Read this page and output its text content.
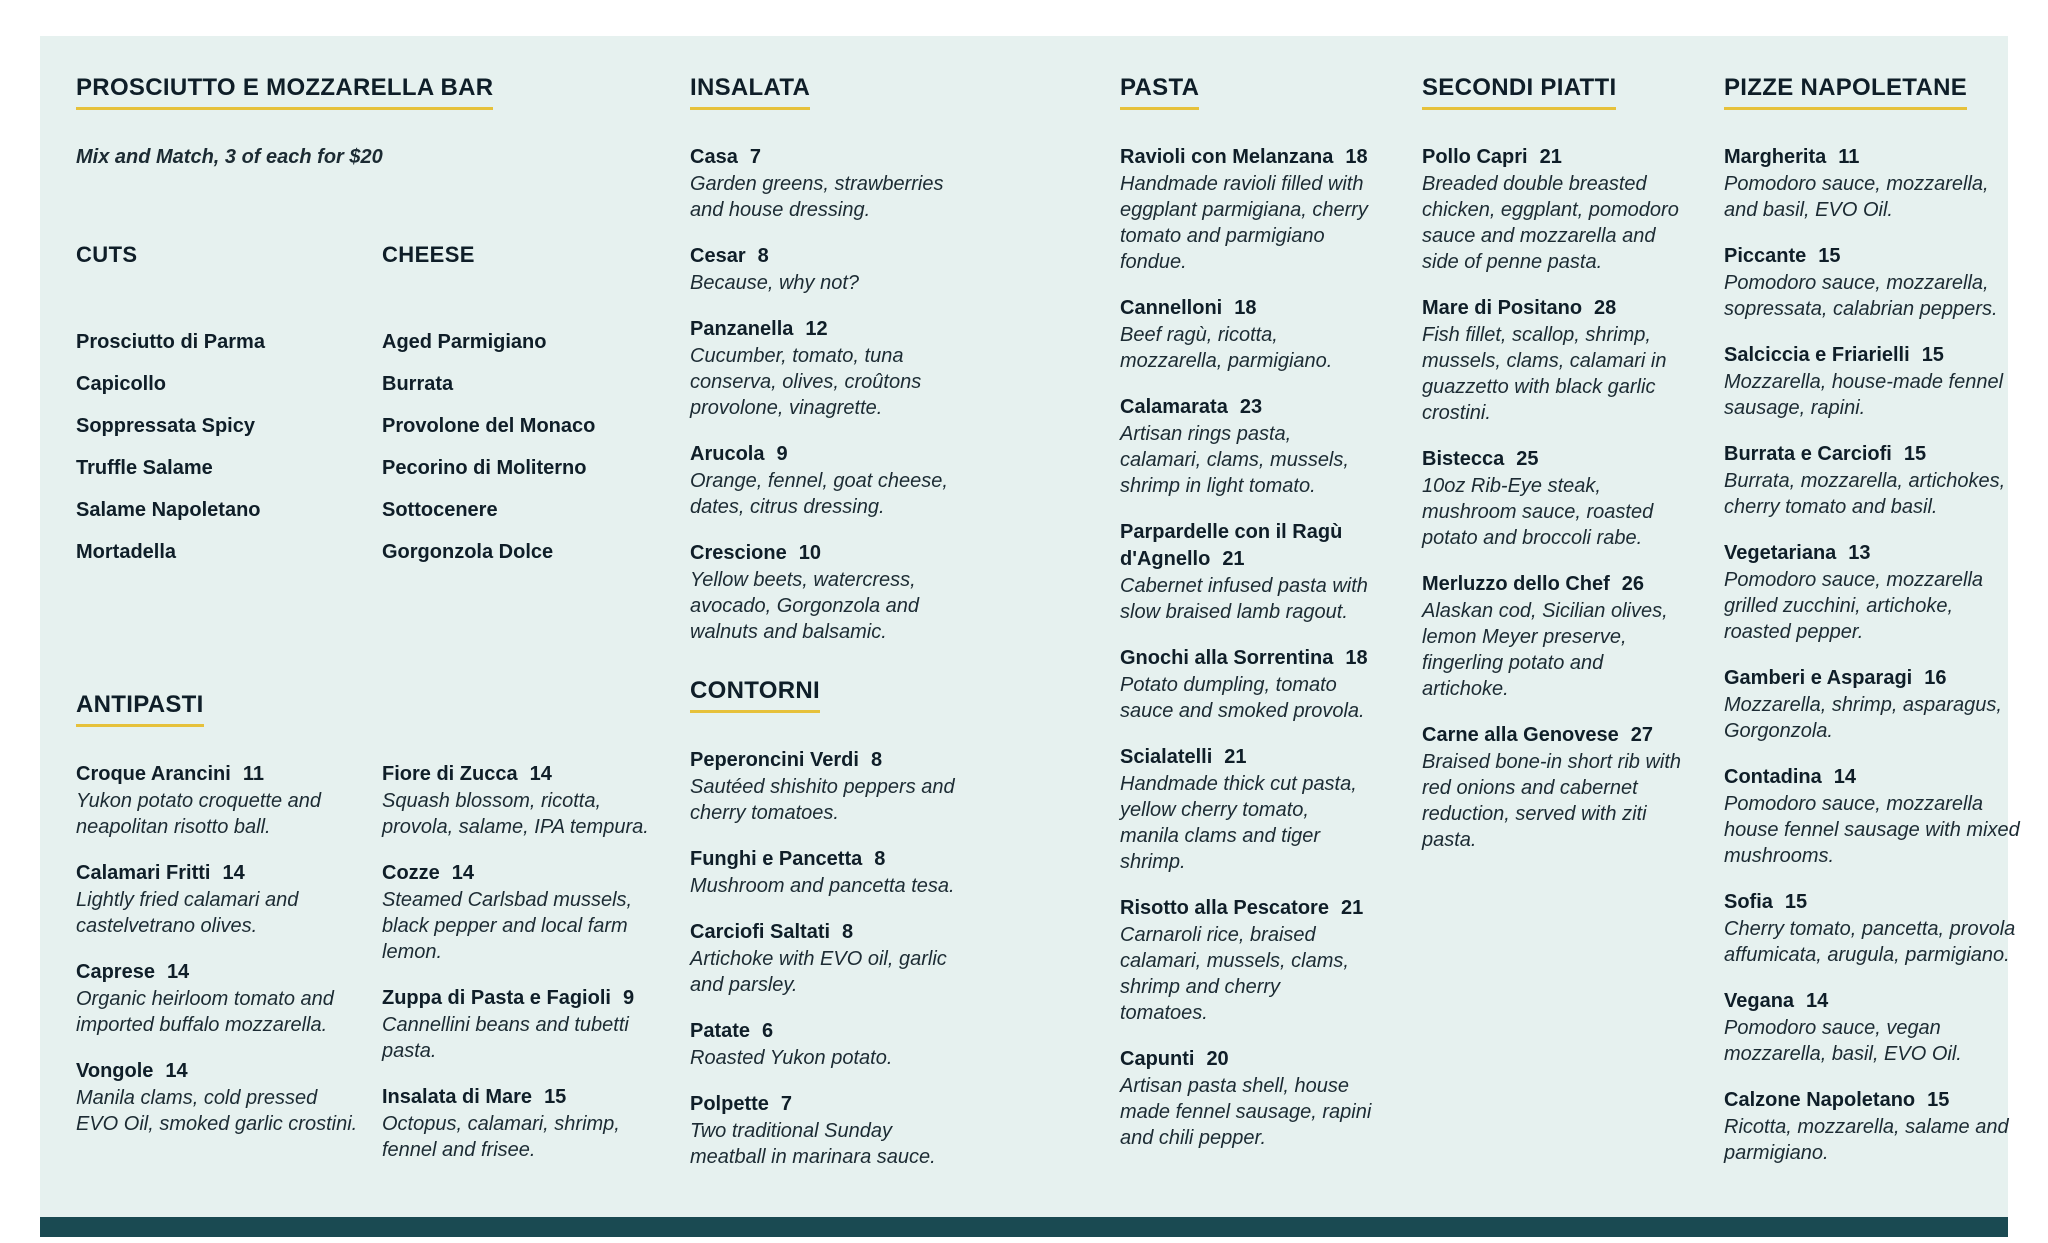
PROSCIUTTO E MOZZARELLA BAR

Mix and Match, 3 of each for $20

CUTS
Prosciutto di Parma
Capicollo
Soppressata Spicy
Truffle Salame
Salame Napoletano
Mortadella
CHEESE
Aged Parmigiano
Burrata
Provolone del Monaco
Pecorino di Moliterno
Sottocenere
Gorgonzola Dolce
ANTIPASTI
Croque Arancini 11
Yukon potato croquette and neapolitan risotto ball.
Calamari Fritti 14
Lightly fried calamari and castelvetrano olives.
Caprese 14
Organic heirloom tomato and imported buffalo mozzarella.
Vongole 14
Manila clams, cold pressed EVO Oil, smoked garlic crostini.
Fiore di Zucca 14
Squash blossom, ricotta, provola, salame, IPA tempura.
Cozze 14
Steamed Carlsbad mussels, black pepper and local farm lemon.
Zuppa di Pasta e Fagioli 9
Cannellini beans and tubetti pasta.
Insalata di Mare 15
Octopus, calamari, shrimp, fennel and frisee.
INSALATA
Casa 7
Garden greens, strawberries and house dressing.
Cesar 8
Because, why not?
Panzanella 12
Cucumber, tomato, tuna conserva, olives, croûtons provolone, vinagrette.
Arucola 9
Orange, fennel, goat cheese, dates, citrus dressing.
Crescione 10
Yellow beets, watercress, avocado, Gorgonzola and walnuts and balsamic.
CONTORNI
Peperoncini Verdi 8
Sautéed shishito peppers and cherry tomatoes.
Funghi e Pancetta 8
Mushroom and pancetta tesa.
Carciofi Saltati 8
Artichoke with EVO oil, garlic and parsley.
Patate 6
Roasted Yukon potato.
Polpette 7
Two traditional Sunday meatball in marinara sauce.
PASTA
Ravioli con Melanzana 18
Handmade ravioli filled with eggplant parmigiana, cherry tomato and parmigiano fondue.
Cannelloni 18
Beef ragù, ricotta, mozzarella, parmigiano.
Calamarata 23
Artisan rings pasta, calamari, clams, mussels, shrimp in light tomato.
Parpardelle con il Ragù d'Agnello 21
Cabernet infused pasta with slow braised lamb ragout.
Gnochi alla Sorrentina 18
Potato dumpling, tomato sauce and smoked provola.
Scialatelli 21
Handmade thick cut pasta, yellow cherry tomato, manila clams and tiger shrimp.
Risotto alla Pescatore 21
Carnaroli rice, braised calamari, mussels, clams, shrimp and cherry tomatoes.
Capunti 20
Artisan pasta shell, house made fennel sausage, rapini and chili pepper.
SECONDI PIATTI
Pollo Capri 21
Breaded double breasted chicken, eggplant, pomodoro sauce and mozzarella and side of penne pasta.
Mare di Positano 28
Fish fillet, scallop, shrimp, mussels, clams, calamari in guazzetto with black garlic crostini.
Bistecca 25
10oz Rib-Eye steak, mushroom sauce, roasted potato and broccoli rabe.
Merluzzo dello Chef 26
Alaskan cod, Sicilian olives, lemon Meyer preserve, fingerling potato and artichoke.
Carne alla Genovese 27
Braised bone-in short rib with red onions and cabernet reduction, served with ziti pasta.
PIZZE NAPOLETANE
Margherita 11
Pomodoro sauce, mozzarella, and basil, EVO Oil.
Piccante 15
Pomodoro sauce, mozzarella, sopressata, calabrian peppers.
Salciccia e Friarielli 15
Mozzarella, house-made fennel sausage, rapini.
Burrata e Carciofi 15
Burrata, mozzarella, artichokes, cherry tomato and basil.
Vegetariana 13
Pomodoro sauce, mozzarella grilled zucchini, artichoke, roasted pepper.
Gamberi e Asparagi 16
Mozzarella, shrimp, asparagus, Gorgonzola.
Contadina 14
Pomodoro sauce, mozzarella house fennel sausage with mixed mushrooms.
Sofia 15
Cherry tomato, pancetta, provola affumicata, arugula, parmigiano.
Vegana 14
Pomodoro sauce, vegan mozzarella, basil, EVO Oil.
Calzone Napoletano 15
Ricotta, mozzarella, salame and parmigiano.
